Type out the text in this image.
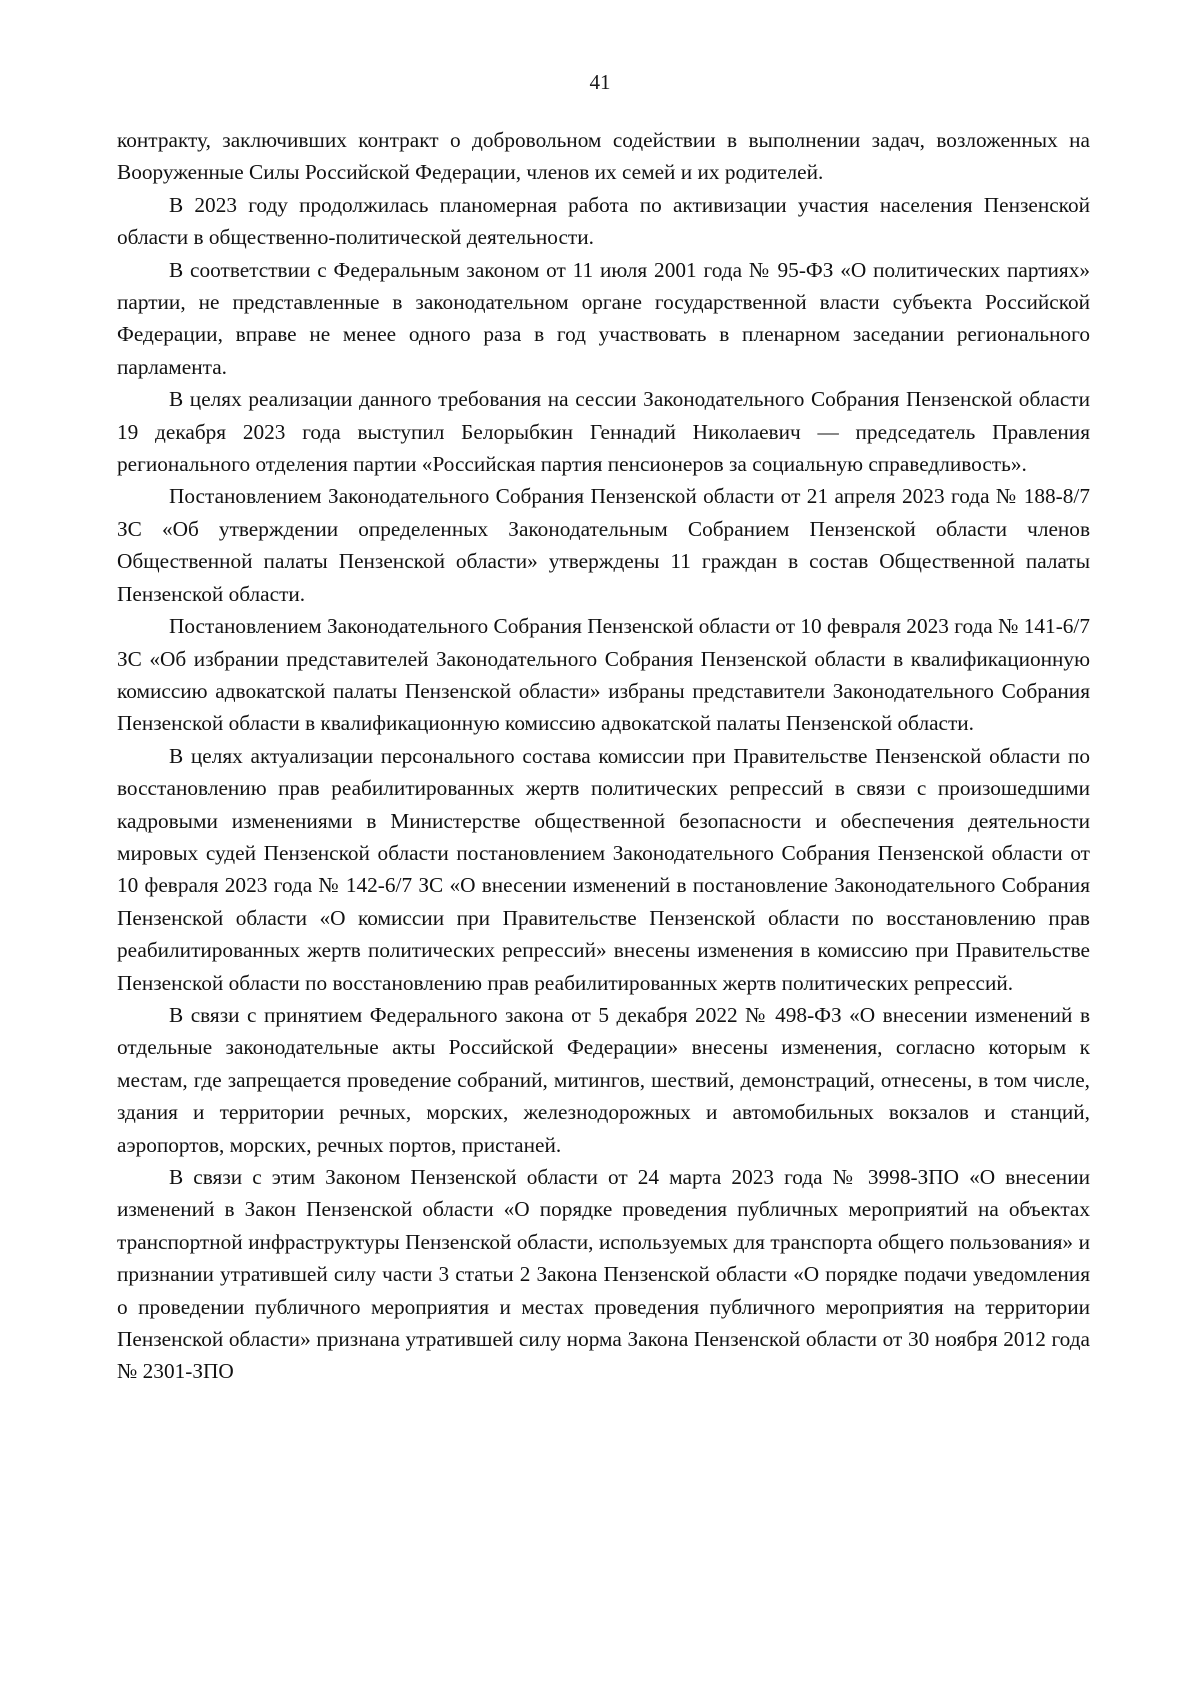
41

контракту, заключивших контракт о добровольном содействии в выполнении задач, возложенных на Вооруженные Силы Российской Федерации, членов их семей и их родителей.

В 2023 году продолжилась планомерная работа по активизации участия населения Пензенской области в общественно-политической деятельности.

В соответствии с Федеральным законом от 11 июля 2001 года № 95-ФЗ «О политических партиях» партии, не представленные в законодательном органе государственной власти субъекта Российской Федерации, вправе не менее одного раза в год участвовать в пленарном заседании регионального парламента.

В целях реализации данного требования на сессии Законодательного Собрания Пензенской области 19 декабря 2023 года выступил Белорыбкин Геннадий Николаевич — председатель Правления регионального отделения партии «Российская партия пенсионеров за социальную справедливость».

Постановлением Законодательного Собрания Пензенской области от 21 апреля 2023 года № 188-8/7 ЗС «Об утверждении определенных Законодательным Собранием Пензенской области членов Общественной палаты Пензенской области» утверждены 11 граждан в состав Общественной палаты Пензенской области.

Постановлением Законодательного Собрания Пензенской области от 10 февраля 2023 года № 141-6/7 ЗС «Об избрании представителей Законодательного Собрания Пензенской области в квалификационную комиссию адвокатской палаты Пензенской области» избраны представители Законодательного Собрания Пензенской области в квалификационную комиссию адвокатской палаты Пензенской области.

В целях актуализации персонального состава комиссии при Правительстве Пензенской области по восстановлению прав реабилитированных жертв политических репрессий в связи с произошедшими кадровыми изменениями в Министерстве общественной безопасности и обеспечения деятельности мировых судей Пензенской области постановлением Законодательного Собрания Пензенской области от 10 февраля 2023 года № 142-6/7 ЗС «О внесении изменений в постановление Законодательного Собрания Пензенской области «О комиссии при Правительстве Пензенской области по восстановлению прав реабилитированных жертв политических репрессий» внесены изменения в комиссию при Правительстве Пензенской области по восстановлению прав реабилитированных жертв политических репрессий.

В связи с принятием Федерального закона от 5 декабря 2022 № 498-ФЗ «О внесении изменений в отдельные законодательные акты Российской Федерации» внесены изменения, согласно которым к местам, где запрещается проведение собраний, митингов, шествий, демонстраций, отнесены, в том числе, здания и территории речных, морских, железнодорожных и автомобильных вокзалов и станций, аэропортов, морских, речных портов, пристаней.

В связи с этим Законом Пензенской области от 24 марта 2023 года № 3998-ЗПО «О внесении изменений в Закон Пензенской области «О порядке проведения публичных мероприятий на объектах транспортной инфраструктуры Пензенской области, используемых для транспорта общего пользования» и признании утратившей силу части 3 статьи 2 Закона Пензенской области «О порядке подачи уведомления о проведении публичного мероприятия и местах проведения публичного мероприятия на территории Пензенской области» признана утратившей силу норма Закона Пензенской области от 30 ноября 2012 года № 2301-ЗПО
